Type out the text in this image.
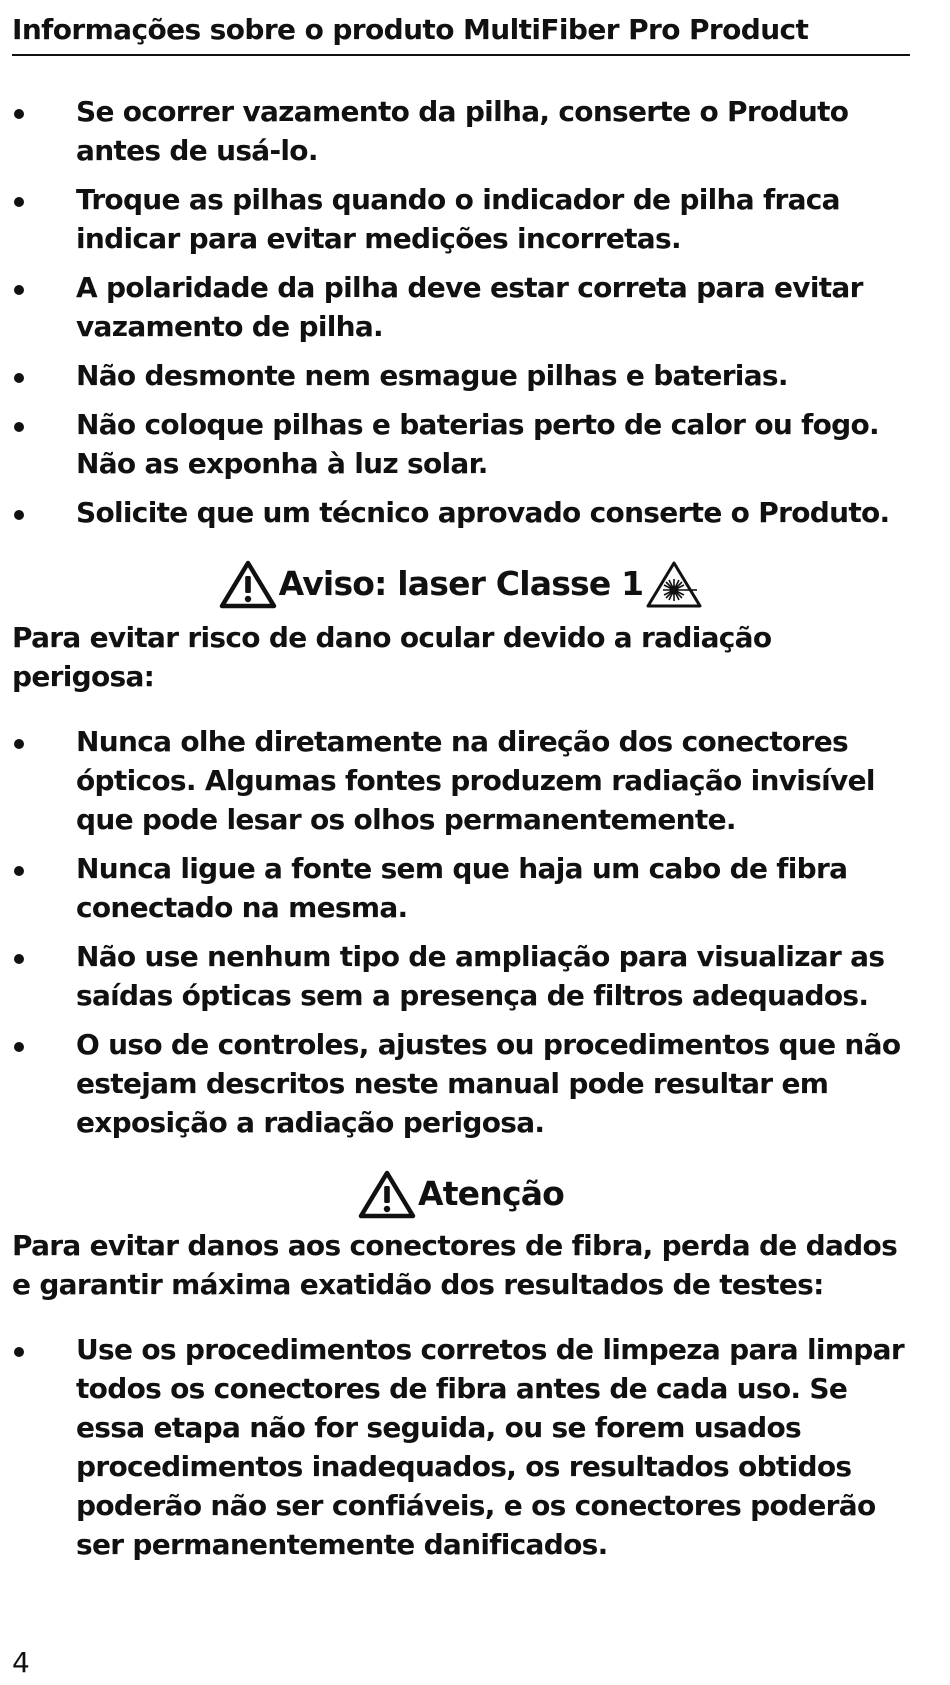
Informações sobre o produto MultiFiber Pro Product
Se ocorrer vazamento da pilha, conserte o Produto antes de usá-lo.
Troque as pilhas quando o indicador de pilha fraca indicar para evitar medições incorretas.
A polaridade da pilha deve estar correta para evitar vazamento de pilha.
Não desmonte nem esmague pilhas e baterias.
Não coloque pilhas e baterias perto de calor ou fogo. Não as exponha à luz solar.
Solicite que um técnico aprovado conserte o Produto.
Aviso: laser Classe 1
Para evitar risco de dano ocular devido a radiação perigosa:
Nunca olhe diretamente na direção dos conectores ópticos. Algumas fontes produzem radiação invisível que pode lesar os olhos permanentemente.
Nunca ligue a fonte sem que haja um cabo de fibra conectado na mesma.
Não use nenhum tipo de ampliação para visualizar as saídas ópticas sem a presença de filtros adequados.
O uso de controles, ajustes ou procedimentos que não estejam descritos neste manual pode resultar em exposição a radiação perigosa.
Atenção
Para evitar danos aos conectores de fibra, perda de dados e garantir máxima exatidão dos resultados de testes:
Use os procedimentos corretos de limpeza para limpar todos os conectores de fibra antes de cada uso. Se essa etapa não for seguida, ou se forem usados procedimentos inadequados, os resultados obtidos poderão não ser confiáveis, e os conectores poderão ser permanentemente danificados.
4
